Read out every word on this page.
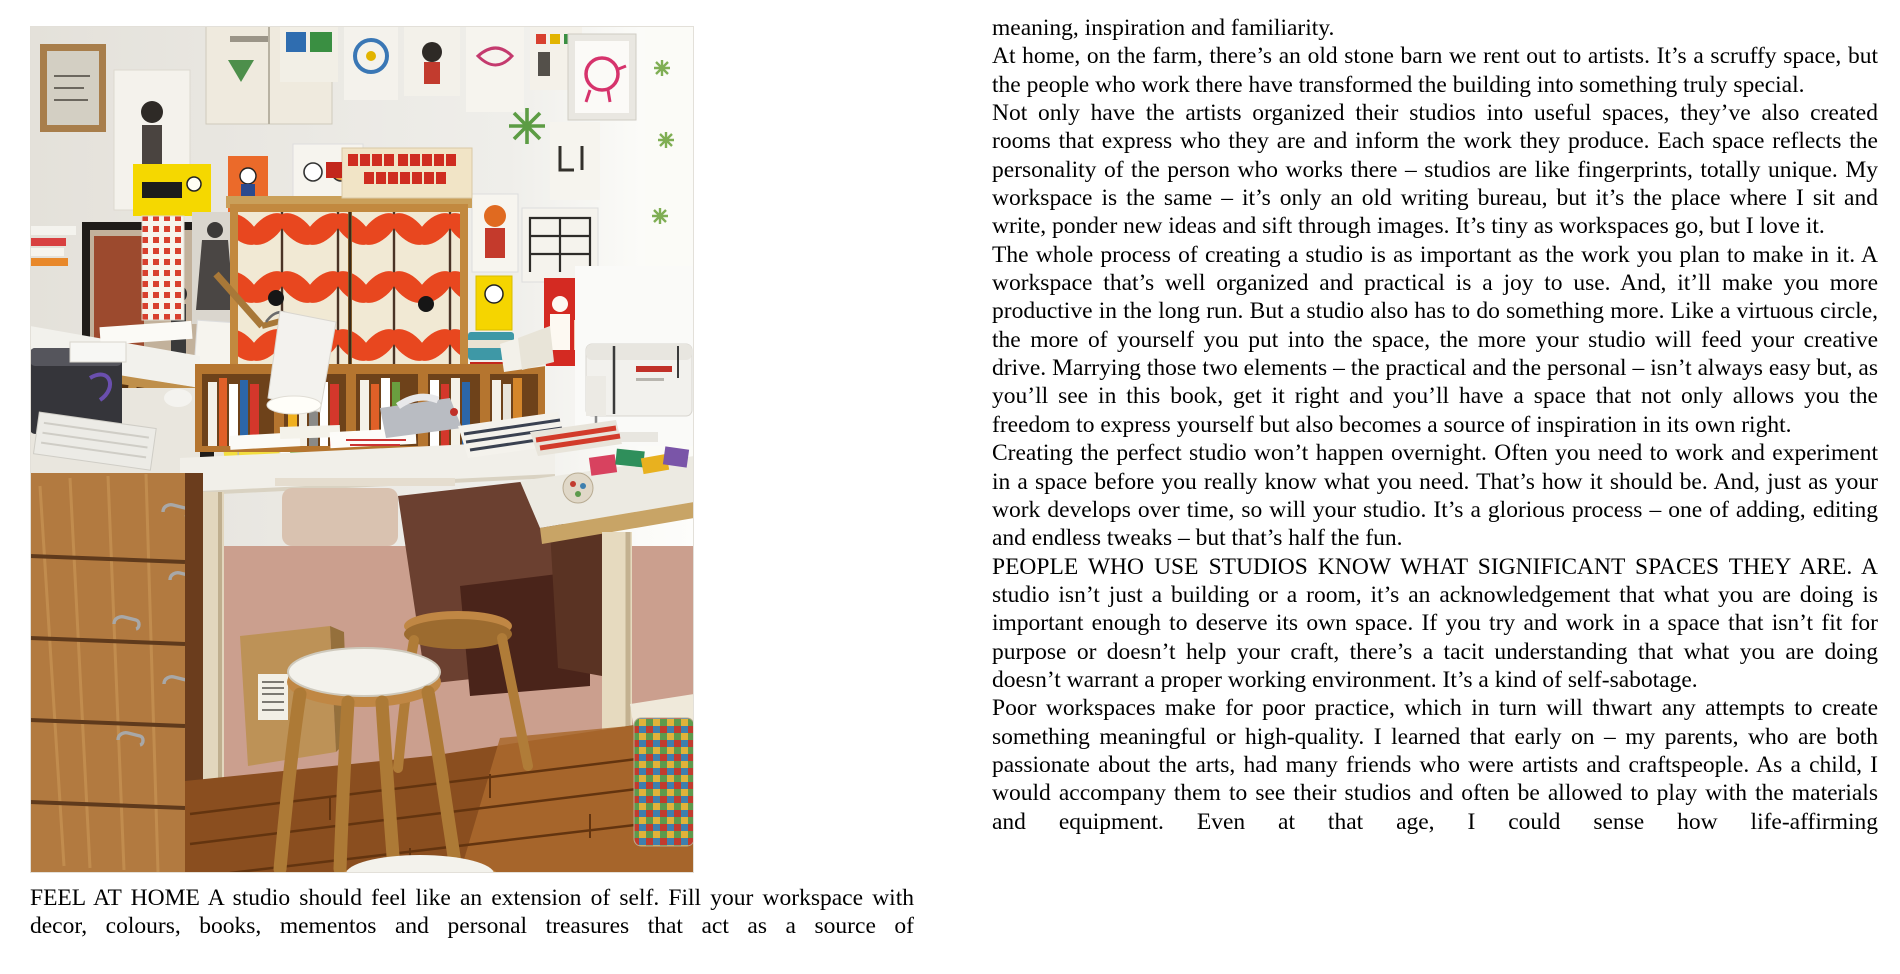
FEEL AT HOME A studio should feel like an extension of self. Fill your workspace with decor, colours, books, mementos and personal treasures that act as a source of

meaning, inspiration and familiarity.

At home, on the farm, there’s an old stone barn we rent out to artists. It’s a scruffy space, but the people who work there have transformed the building into something truly special.

Not only have the artists organized their studios into useful spaces, they’ve also created rooms that express who they are and inform the work they produce. Each space reflects the personality of the person who works there – studios are like fingerprints, totally unique. My workspace is the same – it’s only an old writing bureau, but it’s the place where I sit and write, ponder new ideas and sift through images. It’s tiny as workspaces go, but I love it.

The whole process of creating a studio is as important as the work you plan to make in it. A workspace that’s well organized and practical is a joy to use. And, it’ll make you more productive in the long run. But a studio also has to do something more. Like a virtuous circle, the more of yourself you put into the space, the more your studio will feed your creative drive. Marrying those two elements – the practical and the personal – isn’t always easy but, as you’ll see in this book, get it right and you’ll have a space that not only allows you the freedom to express yourself but also becomes a source of inspiration in its own right.

Creating the perfect studio won’t happen overnight. Often you need to work and experiment in a space before you really know what you need. That’s how it should be. And, just as your work develops over time, so will your studio. It’s a glorious process – one of adding, editing and endless tweaks – but that’s half the fun.

PEOPLE WHO USE STUDIOS KNOW WHAT SIGNIFICANT SPACES THEY ARE. A studio isn’t just a building or a room, it’s an acknowledgement that what you are doing is important enough to deserve its own space. If you try and work in a space that isn’t fit for purpose or doesn’t help your craft, there’s a tacit understanding that what you are doing doesn’t warrant a proper working environment. It’s a kind of self-sabotage.

Poor workspaces make for poor practice, which in turn will thwart any attempts to create something meaningful or high-quality. I learned that early on – my parents, who are both passionate about the arts, had many friends who were artists and craftspeople. As a child, I would accompany them to see their studios and often be allowed to play with the materials and equipment. Even at that age, I could sense how life-affirming
